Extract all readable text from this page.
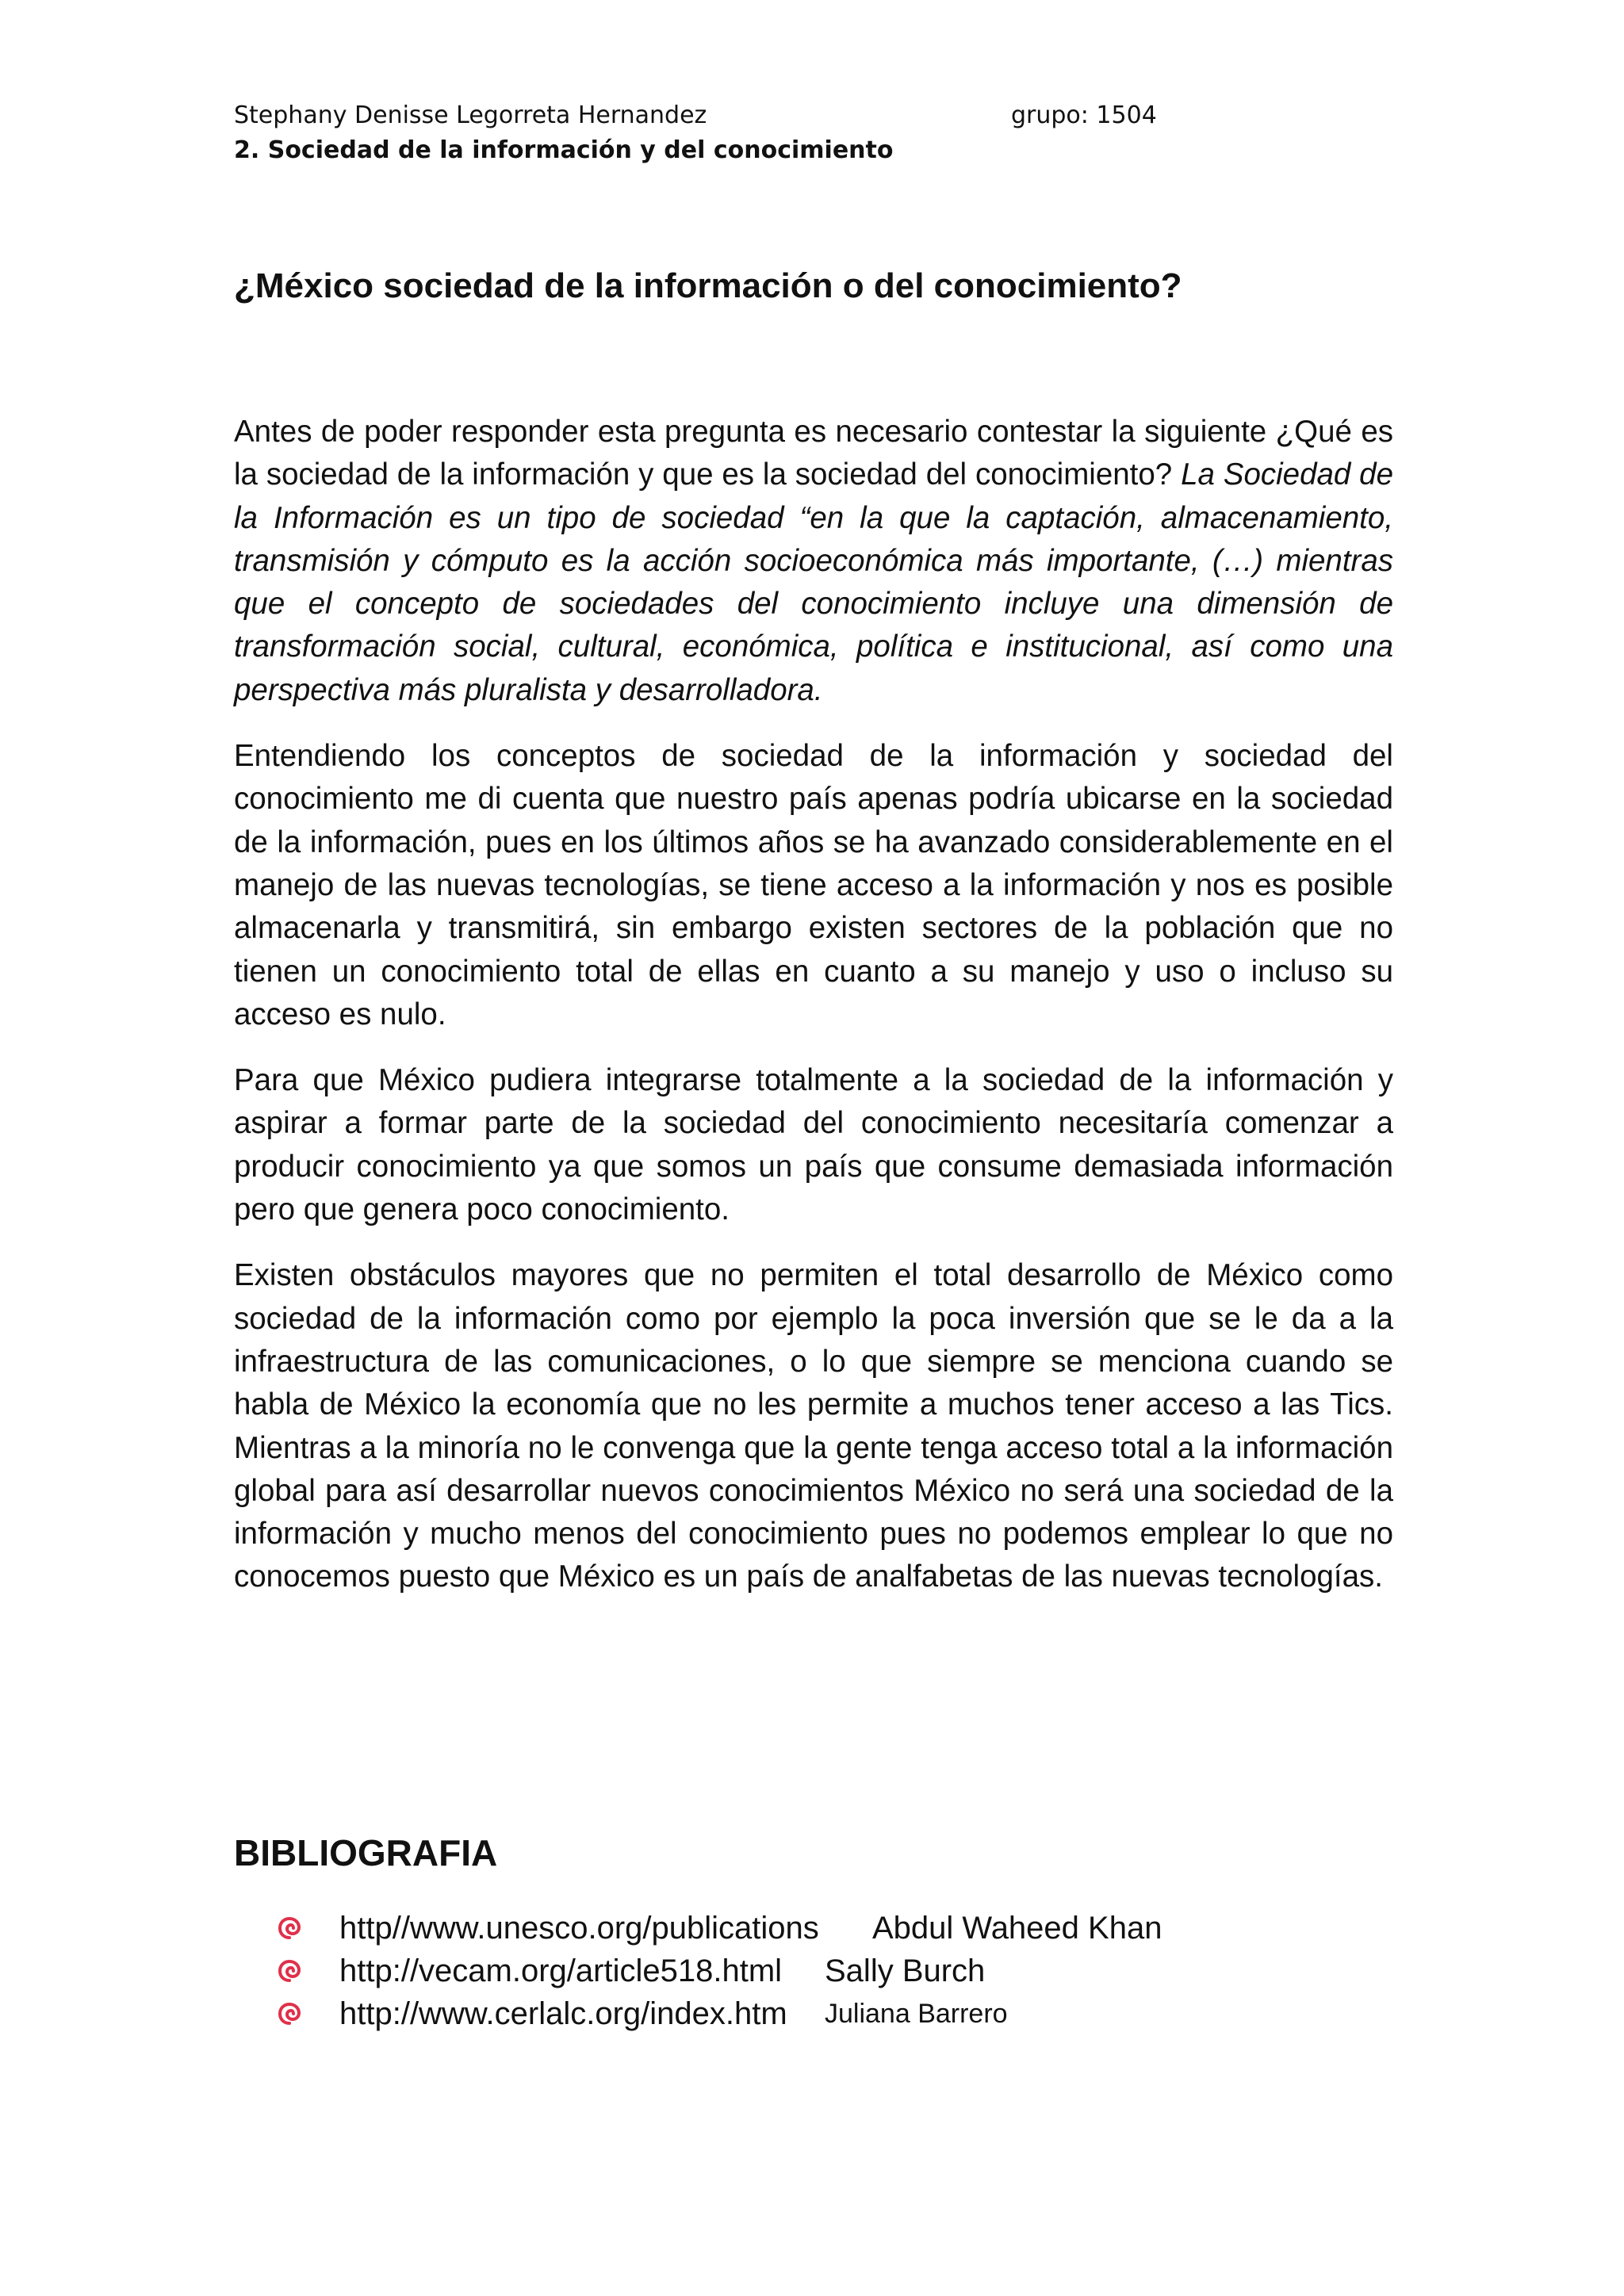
Stephany Denisse Legorreta Hernandez	grupo: 1504
2. Sociedad de la información y del conocimiento
¿México sociedad de la información o del conocimiento?

Antes de poder responder esta pregunta es necesario contestar la siguiente ¿Qué es la sociedad de la información y que es la sociedad del conocimiento? La Sociedad de la Información es un tipo de sociedad “en la que la captación, almacenamiento, transmisión y cómputo es la acción socioeconómica más importante, (…) mientras que el concepto de sociedades del conocimiento incluye una dimensión de transformación social, cultural, económica, política e institucional, así como una perspectiva más pluralista y desarrolladora.

Entendiendo los conceptos de sociedad de la información y sociedad del conocimiento me di cuenta que nuestro país apenas podría ubicarse en la sociedad de la información, pues en los últimos años se ha avanzado considerablemente en el manejo de las nuevas tecnologías, se tiene acceso a la información y nos es posible almacenarla y transmitirá, sin embargo existen sectores de la población que no tienen un conocimiento total de ellas en cuanto a su manejo y uso o incluso su acceso es nulo.

Para que México pudiera integrarse totalmente a la sociedad de la información y aspirar a formar parte de la sociedad del conocimiento necesitaría comenzar a producir conocimiento ya que somos un país que consume demasiada información pero que genera poco conocimiento.

Existen obstáculos mayores que no permiten el total desarrollo de México como sociedad de la información como por ejemplo la poca inversión que se le da a la infraestructura de las comunicaciones, o lo que siempre se menciona cuando se habla de México la economía que no les permite a muchos tener acceso a las Tics. Mientras a la minoría no le convenga que la gente tenga acceso total a la información global para así desarrollar nuevos conocimientos México no será una sociedad de la información y mucho menos del conocimiento pues no podemos emplear lo que no conocemos puesto que México es un país de analfabetas de las nuevas tecnologías.

BIBLIOGRAFIA
http//www.unesco.org/publications Abdul Waheed Khan
http://vecam.org/article518.html Sally Burch
http://www.cerlalc.org/index.htm Juliana Barrero
